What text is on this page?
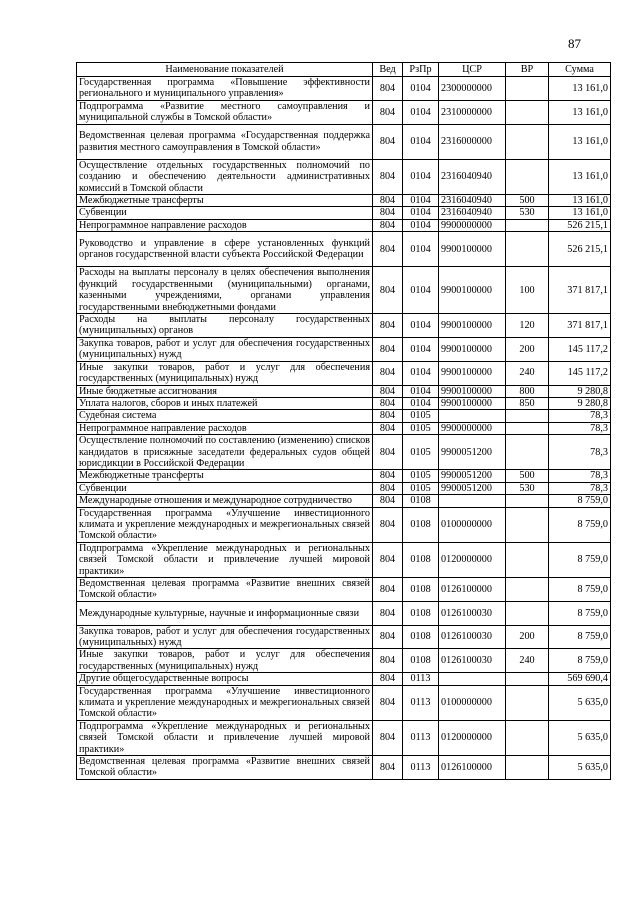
87
Наименование показателей	Вед	РзПр	ЦСР	ВР	Сумма
Государственная программа «Повышение эффективности регионального и муниципального управления»	804	0104	2300000000		13 161,0
Подпрограмма «Развитие местного самоуправления и муниципальной службы в Томской области»	804	0104	2310000000		13 161,0
Ведомственная целевая программа «Государственная поддержка развития местного самоуправления в Томской области»	804	0104	2316000000		13 161,0
Осуществление отдельных государственных полномочий по созданию и обеспечению деятельности административных комиссий в Томской области	804	0104	2316040940		13 161,0
Межбюджетные трансферты	804	0104	2316040940	500	13 161,0
Субвенции	804	0104	2316040940	530	13 161,0
Непрограммное направление расходов	804	0104	9900000000		526 215,1
Руководство и управление в сфере установленных функций органов государственной власти субъекта Российской Федерации	804	0104	9900100000		526 215,1
Расходы на выплаты персоналу в целях обеспечения выполнения функций государственными (муниципальными) органами, казенными учреждениями, органами управления государственными внебюджетными фондами	804	0104	9900100000	100	371 817,1
Расходы на выплаты персоналу государственных (муниципальных) органов	804	0104	9900100000	120	371 817,1
Закупка товаров, работ и услуг для обеспечения государственных (муниципальных) нужд	804	0104	9900100000	200	145 117,2
Иные закупки товаров, работ и услуг для обеспечения государственных (муниципальных) нужд	804	0104	9900100000	240	145 117,2
Иные бюджетные ассигнования	804	0104	9900100000	800	9 280,8
Уплата налогов, сборов и иных платежей	804	0104	9900100000	850	9 280,8
Судебная система	804	0105			78,3
Непрограммное направление расходов	804	0105	9900000000		78,3
Осуществление полномочий по составлению (изменению) списков кандидатов в присяжные заседатели федеральных судов общей юрисдикции в Российской Федерации	804	0105	9900051200		78,3
Межбюджетные трансферты	804	0105	9900051200	500	78,3
Субвенции	804	0105	9900051200	530	78,3
Международные отношения и международное сотрудничество	804	0108			8 759,0
Государственная программа «Улучшение инвестиционного климата и укрепление международных и межрегиональных связей Томской области»	804	0108	0100000000		8 759,0
Подпрограмма «Укрепление международных и региональных связей Томской области и привлечение лучшей мировой практики»	804	0108	0120000000		8 759,0
Ведомственная целевая программа «Развитие внешних связей Томской области»	804	0108	0126100000		8 759,0
Международные культурные, научные и информационные связи	804	0108	0126100030		8 759,0
Закупка товаров, работ и услуг для обеспечения государственных (муниципальных) нужд	804	0108	0126100030	200	8 759,0
Иные закупки товаров, работ и услуг для обеспечения государственных (муниципальных) нужд	804	0108	0126100030	240	8 759,0
Другие общегосударственные вопросы	804	0113			569 690,4
Государственная программа «Улучшение инвестиционного климата и укрепление международных и межрегиональных связей Томской области»	804	0113	0100000000		5 635,0
Подпрограмма «Укрепление международных и региональных связей Томской области и привлечение лучшей мировой практики»	804	0113	0120000000		5 635,0
Ведомственная целевая программа «Развитие внешних связей Томской области»	804	0113	0126100000		5 635,0
